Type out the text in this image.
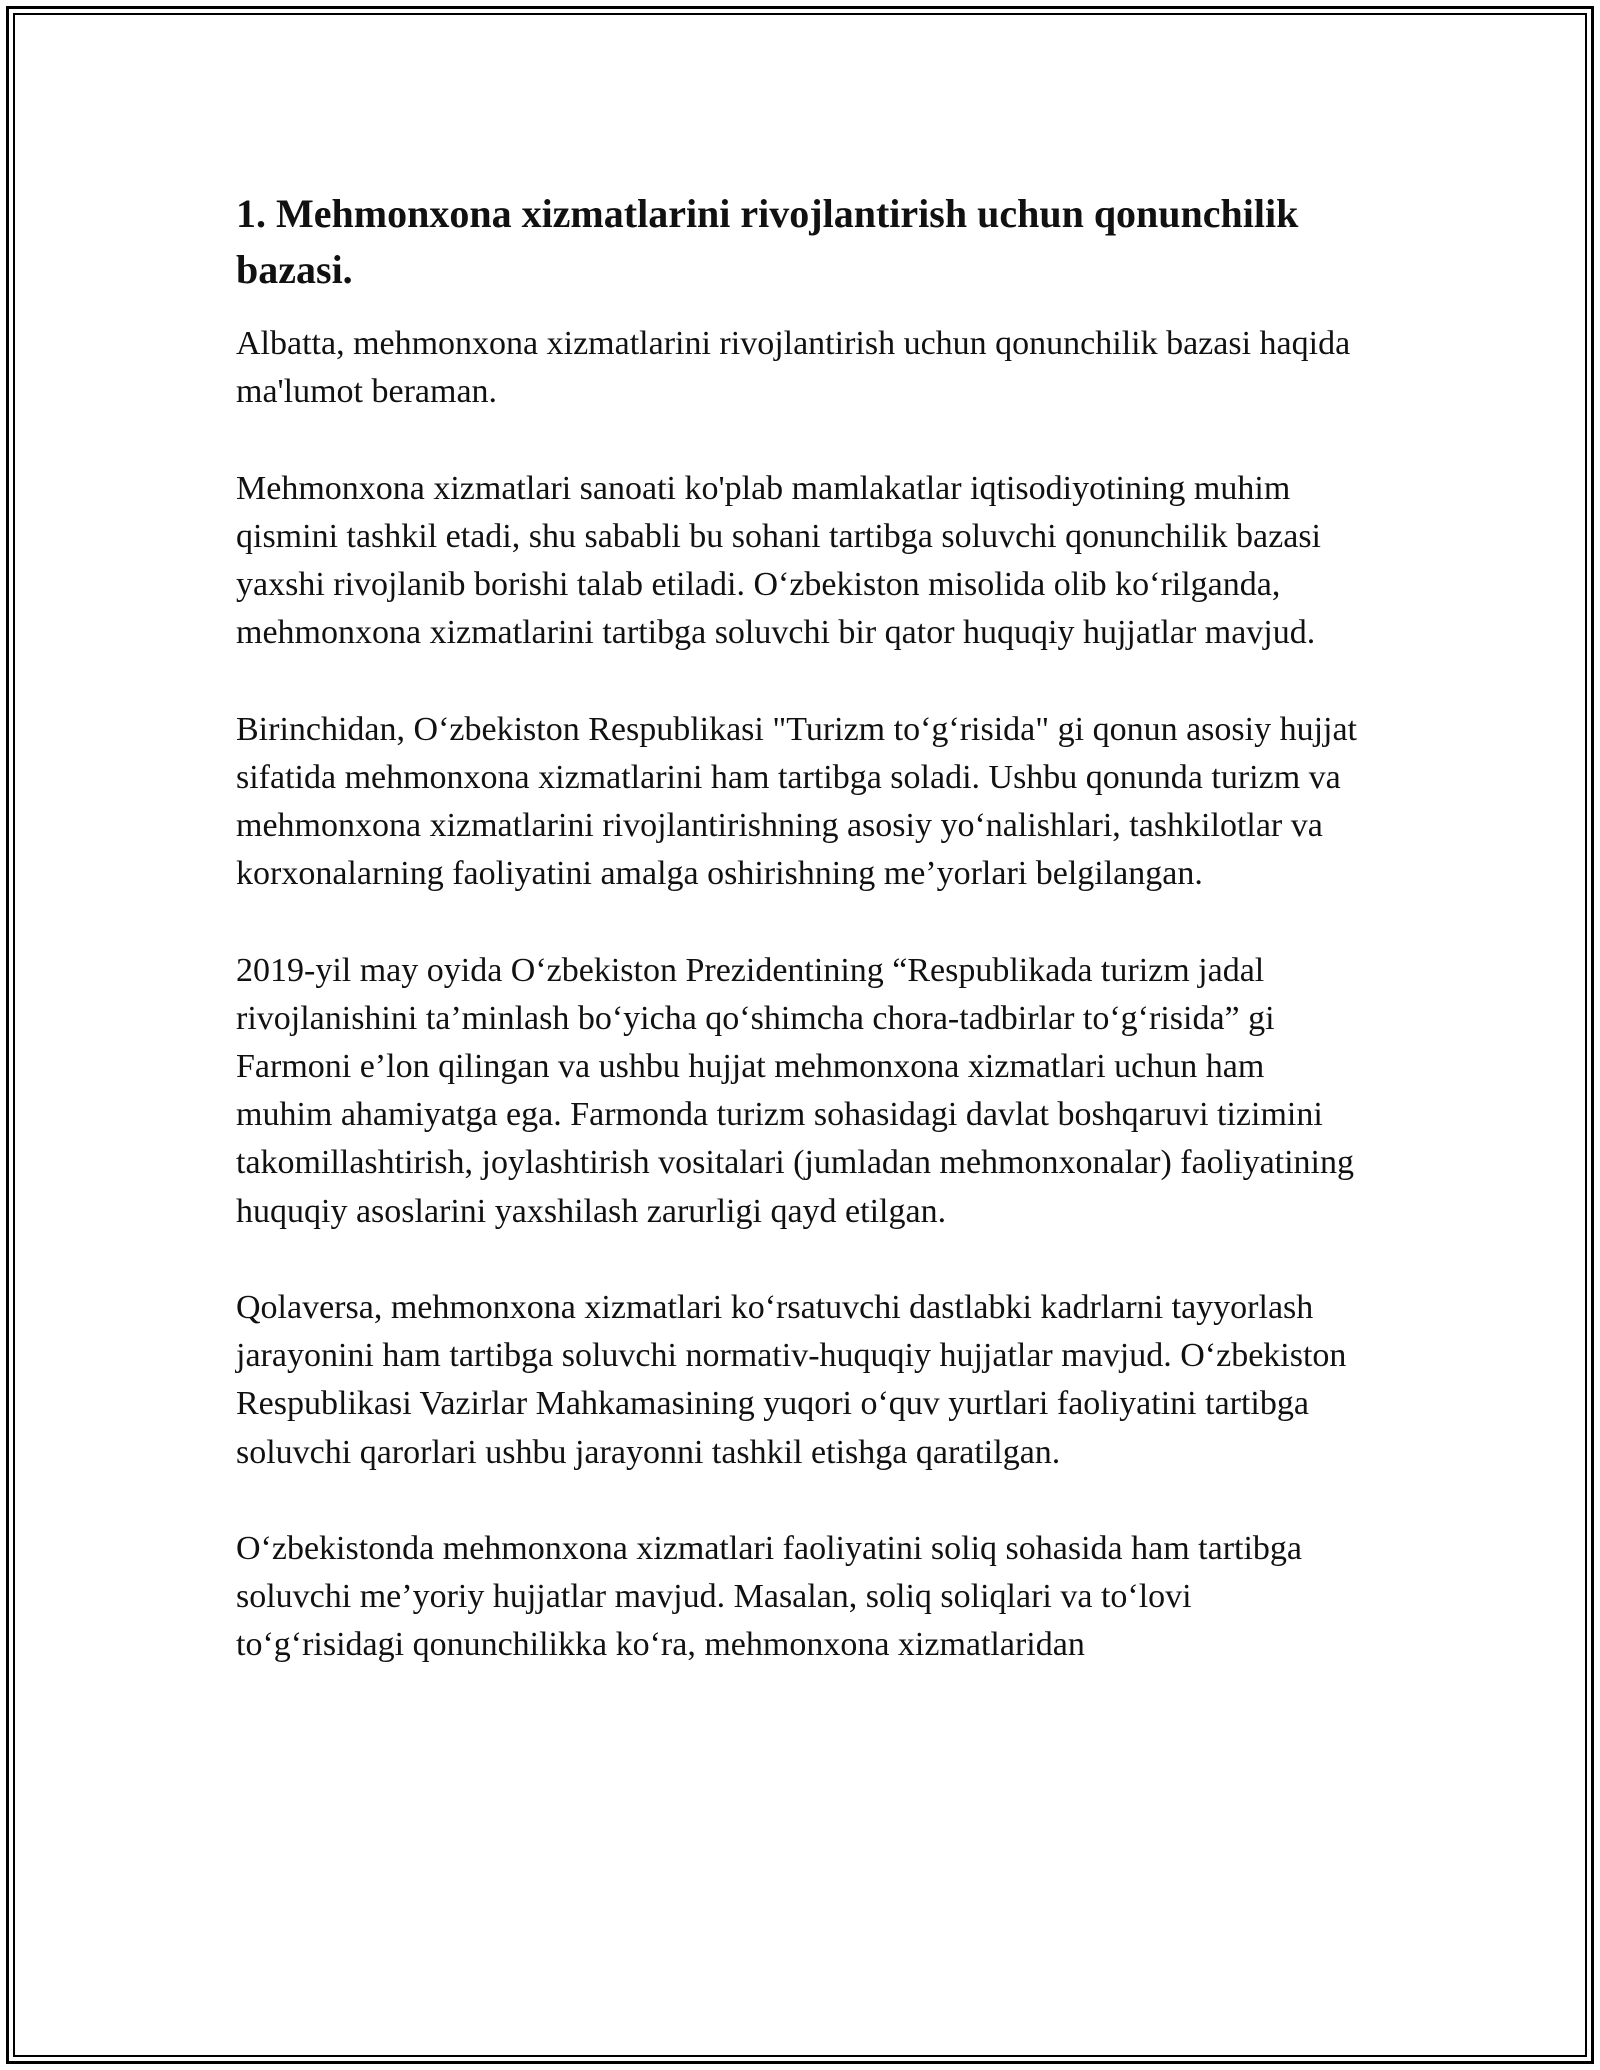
1. Mehmonxona xizmatlarini rivojlantirish uchun qonunchilik bazasi.

Albatta, mehmonxona xizmatlarini rivojlantirish uchun qonunchilik bazasi haqida ma'lumot beraman.

Mehmonxona xizmatlari sanoati ko'plab mamlakatlar iqtisodiyotining muhim qismini tashkil etadi, shu sababli bu sohani tartibga soluvchi qonunchilik bazasi yaxshi rivojlanib borishi talab etiladi. O‘zbekiston misolida olib ko‘rilganda, mehmonxona xizmatlarini tartibga soluvchi bir qator huquqiy hujjatlar mavjud.

Birinchidan, O‘zbekiston Respublikasi "Turizm to‘g‘risida" gi qonun asosiy hujjat sifatida mehmonxona xizmatlarini ham tartibga soladi. Ushbu qonunda turizm va mehmonxona xizmatlarini rivojlantirishning asosiy yo‘nalishlari, tashkilotlar va korxonalarning faoliyatini amalga oshirishning me’yorlari belgilangan.

2019-yil may oyida O‘zbekiston Prezidentining “Respublikada turizm jadal rivojlanishini ta’minlash bo‘yicha qo‘shimcha chora-tadbirlar to‘g‘risida” gi Farmoni e’lon qilingan va ushbu hujjat mehmonxona xizmatlari uchun ham muhim ahamiyatga ega. Farmonda turizm sohasidagi davlat boshqaruvi tizimini takomillashtirish, joylashtirish vositalari (jumladan mehmonxonalar) faoliyatining huquqiy asoslarini yaxshilash zarurligi qayd etilgan.

Qolaversa, mehmonxona xizmatlari ko‘rsatuvchi dastlabki kadrlarni tayyorlash jarayonini ham tartibga soluvchi normativ-huquqiy hujjatlar mavjud. O‘zbekiston Respublikasi Vazirlar Mahkamasining yuqori o‘quv yurtlari faoliyatini tartibga soluvchi qarorlari ushbu jarayonni tashkil etishga qaratilgan.

O‘zbekistonda mehmonxona xizmatlari faoliyatini soliq sohasida ham tartibga soluvchi me’yoriy hujjatlar mavjud. Masalan, soliq soliqlari va to‘lovi to‘g‘risidagi qonunchilikka ko‘ra, mehmonxona xizmatlaridan
